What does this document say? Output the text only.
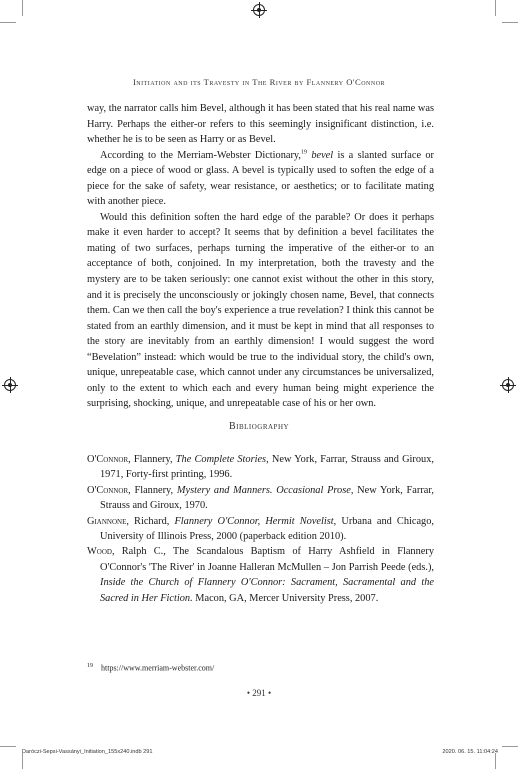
Initiation and its Travesty in The River by Flannery O'Connor

way, the narrator calls him Bevel, although it has been stated that his real name was Harry. Perhaps the either-or refers to this seemingly insignificant distinction, i.e. whether he is to be seen as Harry or as Bevel.

According to the Merriam-Webster Dictionary,$^{19}$ bevel is a slanted surface or edge on a piece of wood or glass. A bevel is typically used to soften the edge of a piece for the sake of safety, wear resistance, or aesthetics; or to facilitate mating with another piece.

Would this definition soften the hard edge of the parable? Or does it perhaps make it even harder to accept? It seems that by definition a bevel facilitates the mating of two surfaces, perhaps turning the imperative of the either-or to an acceptance of both, conjoined. In my interpretation, both the travesty and the mystery are to be taken seriously: one cannot exist without the other in this story, and it is precisely the unconsciously or jokingly chosen name, Bevel, that connects them. Can we then call the boy's experience a true revelation? I think this cannot be stated from an earthly dimension, and it must be kept in mind that all responses to the story are inevitably from an earthly dimension! I would suggest the word “Bevelation” instead: which would be true to the individual story, the child's own, unique, unrepeatable case, which cannot under any circumstances be universalized, only to the extent to which each and every human being might experience the surprising, shocking, unique, and unrepeatable case of his or her own.

Bibliography

O'Connor, Flannery, The Complete Stories, New York, Farrar, Strauss and Giroux, 1971, Forty-first printing, 1996.

O'Connor, Flannery, Mystery and Manners. Occasional Prose, New York, Farrar, Strauss and Giroux, 1970.

Giannone, Richard, Flannery O'Connor, Hermit Novelist, Urbana and Chicago, University of Illinois Press, 2000 (paperback edition 2010).

Wood, Ralph C., The Scandalous Baptism of Harry Ashfield in Flannery O'Connor's 'The River' in Joanne Halleran McMullen – Jon Parrish Peede (eds.), Inside the Church of Flannery O'Connor: Sacrament, Sacramental and the Sacred in Her Fiction. Macon, GA, Mercer University Press, 2007.

$^{19}$ https://www.merriam-webster.com/
• 291 •
Daróczi-Sepsi-Vassányi_Initiation_155x240.indb 291	2020. 06. 15. 11:04:24
